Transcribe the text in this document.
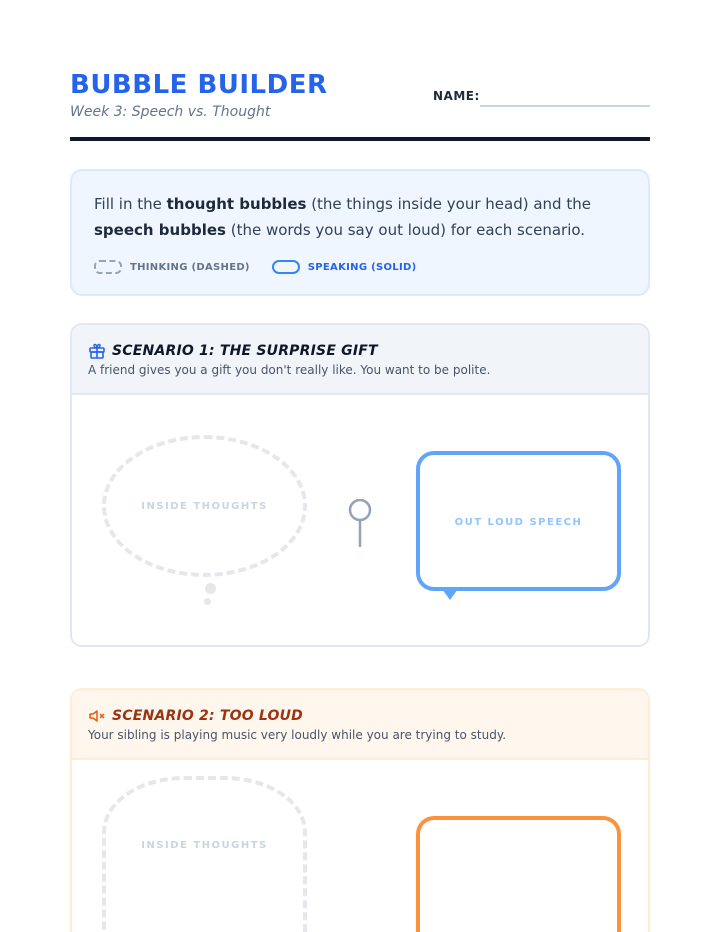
BUBBLE BUILDER
Week 3: Speech vs. Thought
NAME:

Fill in the thought bubbles (the things inside your head) and the speech bubbles (the words you say out loud) for each scenario.

THINKING (DASHED)	SPEAKING (SOLID)
SCENARIO 1: THE SURPRISE GIFT
A friend gives you a gift you don't really like. You want to be polite.
INSIDE THOUGHTS
OUT LOUD SPEECH
SCENARIO 2: TOO LOUD
Your sibling is playing music very loudly while you are trying to study.
INSIDE THOUGHTS
